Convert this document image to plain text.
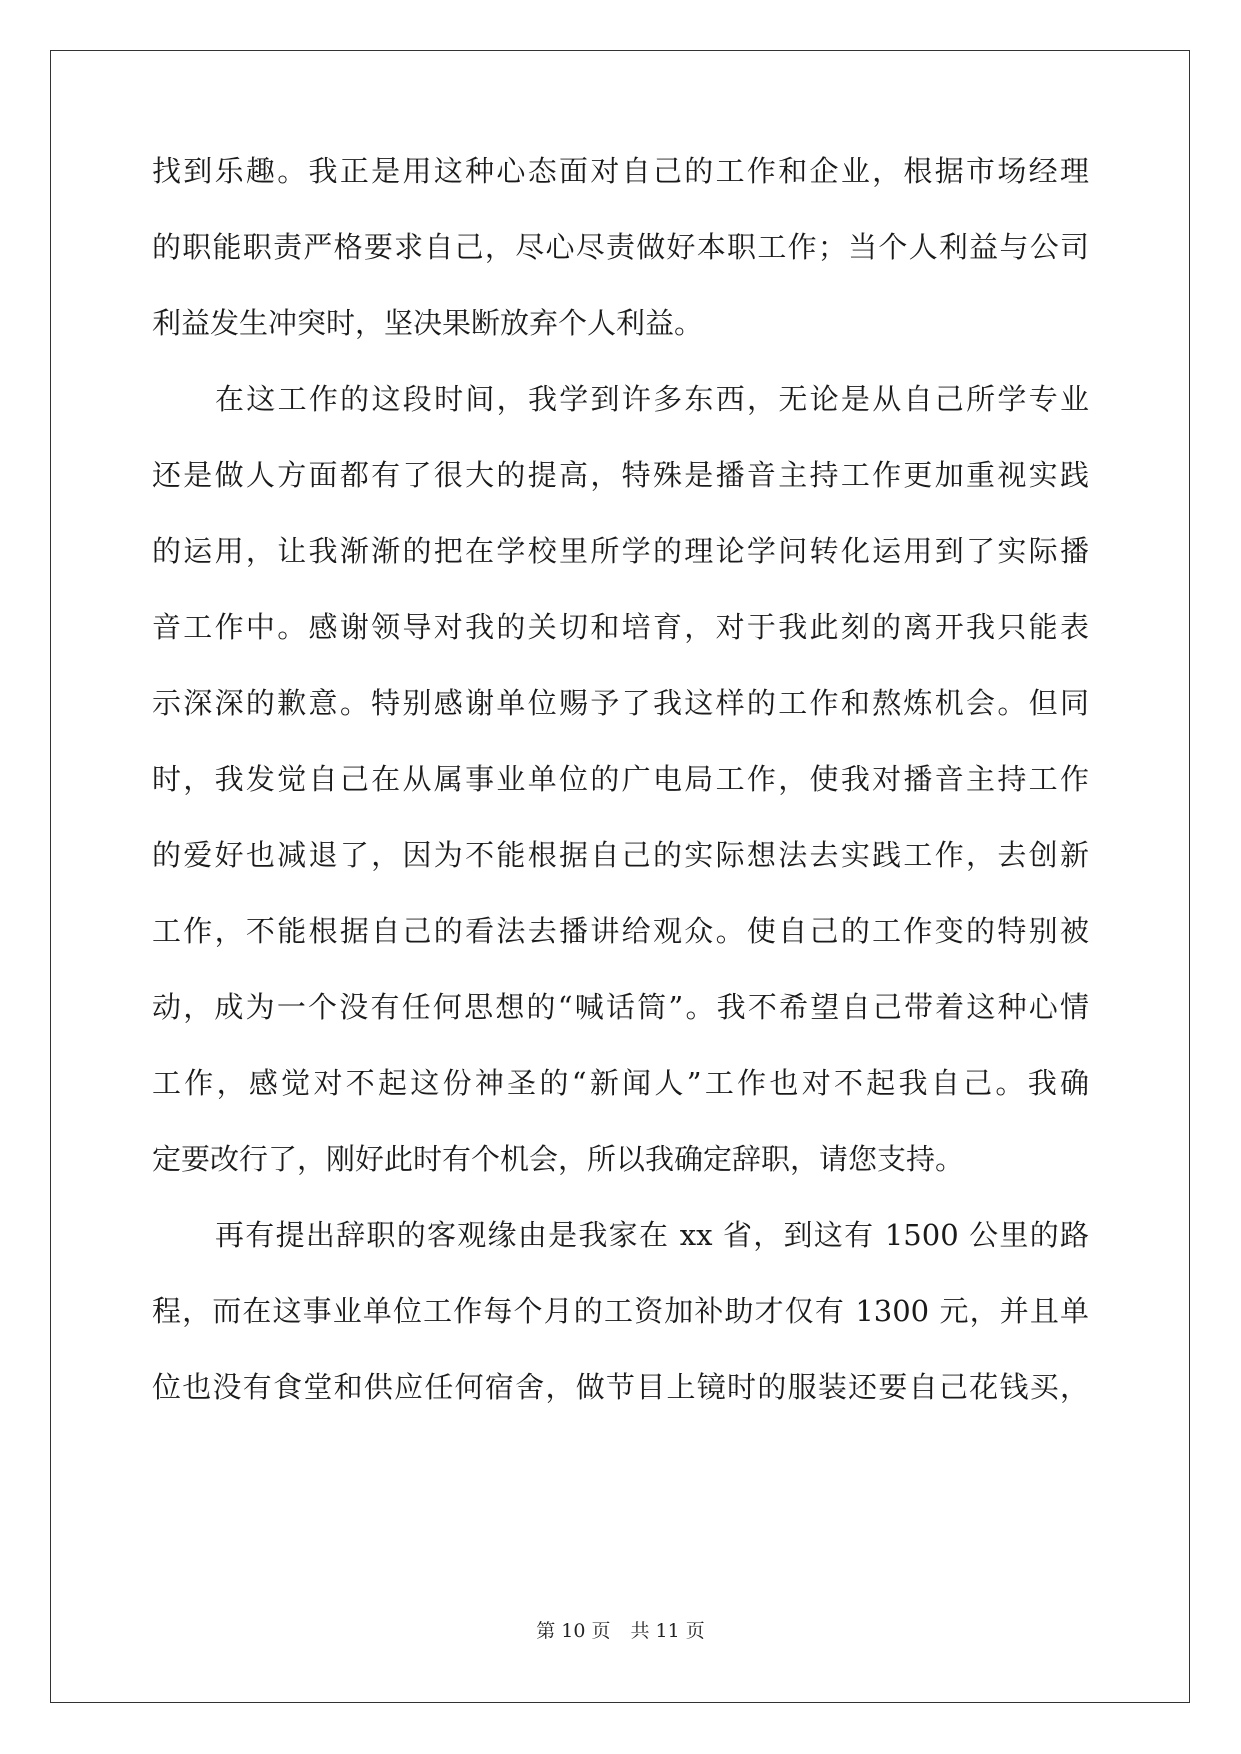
找到乐趣。我正是用这种心态面对自己的工作和企业，根据市场经理
的职能职责严格要求自己，尽心尽责做好本职工作；当个人利益与公司
利益发生冲突时，坚决果断放弃个人利益。
在这工作的这段时间，我学到许多东西，无论是从自己所学专业
还是做人方面都有了很大的提高，特殊是播音主持工作更加重视实践
的运用，让我渐渐的把在学校里所学的理论学问转化运用到了实际播
音工作中。感谢领导对我的关切和培育，对于我此刻的离开我只能表
示深深的歉意。特别感谢单位赐予了我这样的工作和熬炼机会。但同
时，我发觉自己在从属事业单位的广电局工作，使我对播音主持工作
的爱好也减退了，因为不能根据自己的实际想法去实践工作，去创新
工作，不能根据自己的看法去播讲给观众。使自己的工作变的特别被
动，成为一个没有任何思想的“喊话筒”。我不希望自己带着这种心情
工作，感觉对不起这份神圣的“新闻人”工作也对不起我自己。我确
定要改行了，刚好此时有个机会，所以我确定辞职，请您支持。
再有提出辞职的客观缘由是我家在 xx 省，到这有 1500 公里的路
程，而在这事业单位工作每个月的工资加补助才仅有 1300 元，并且单
位也没有食堂和供应任何宿舍，做节目上镜时的服装还要自己花钱买，
第 10 页 共 11 页
